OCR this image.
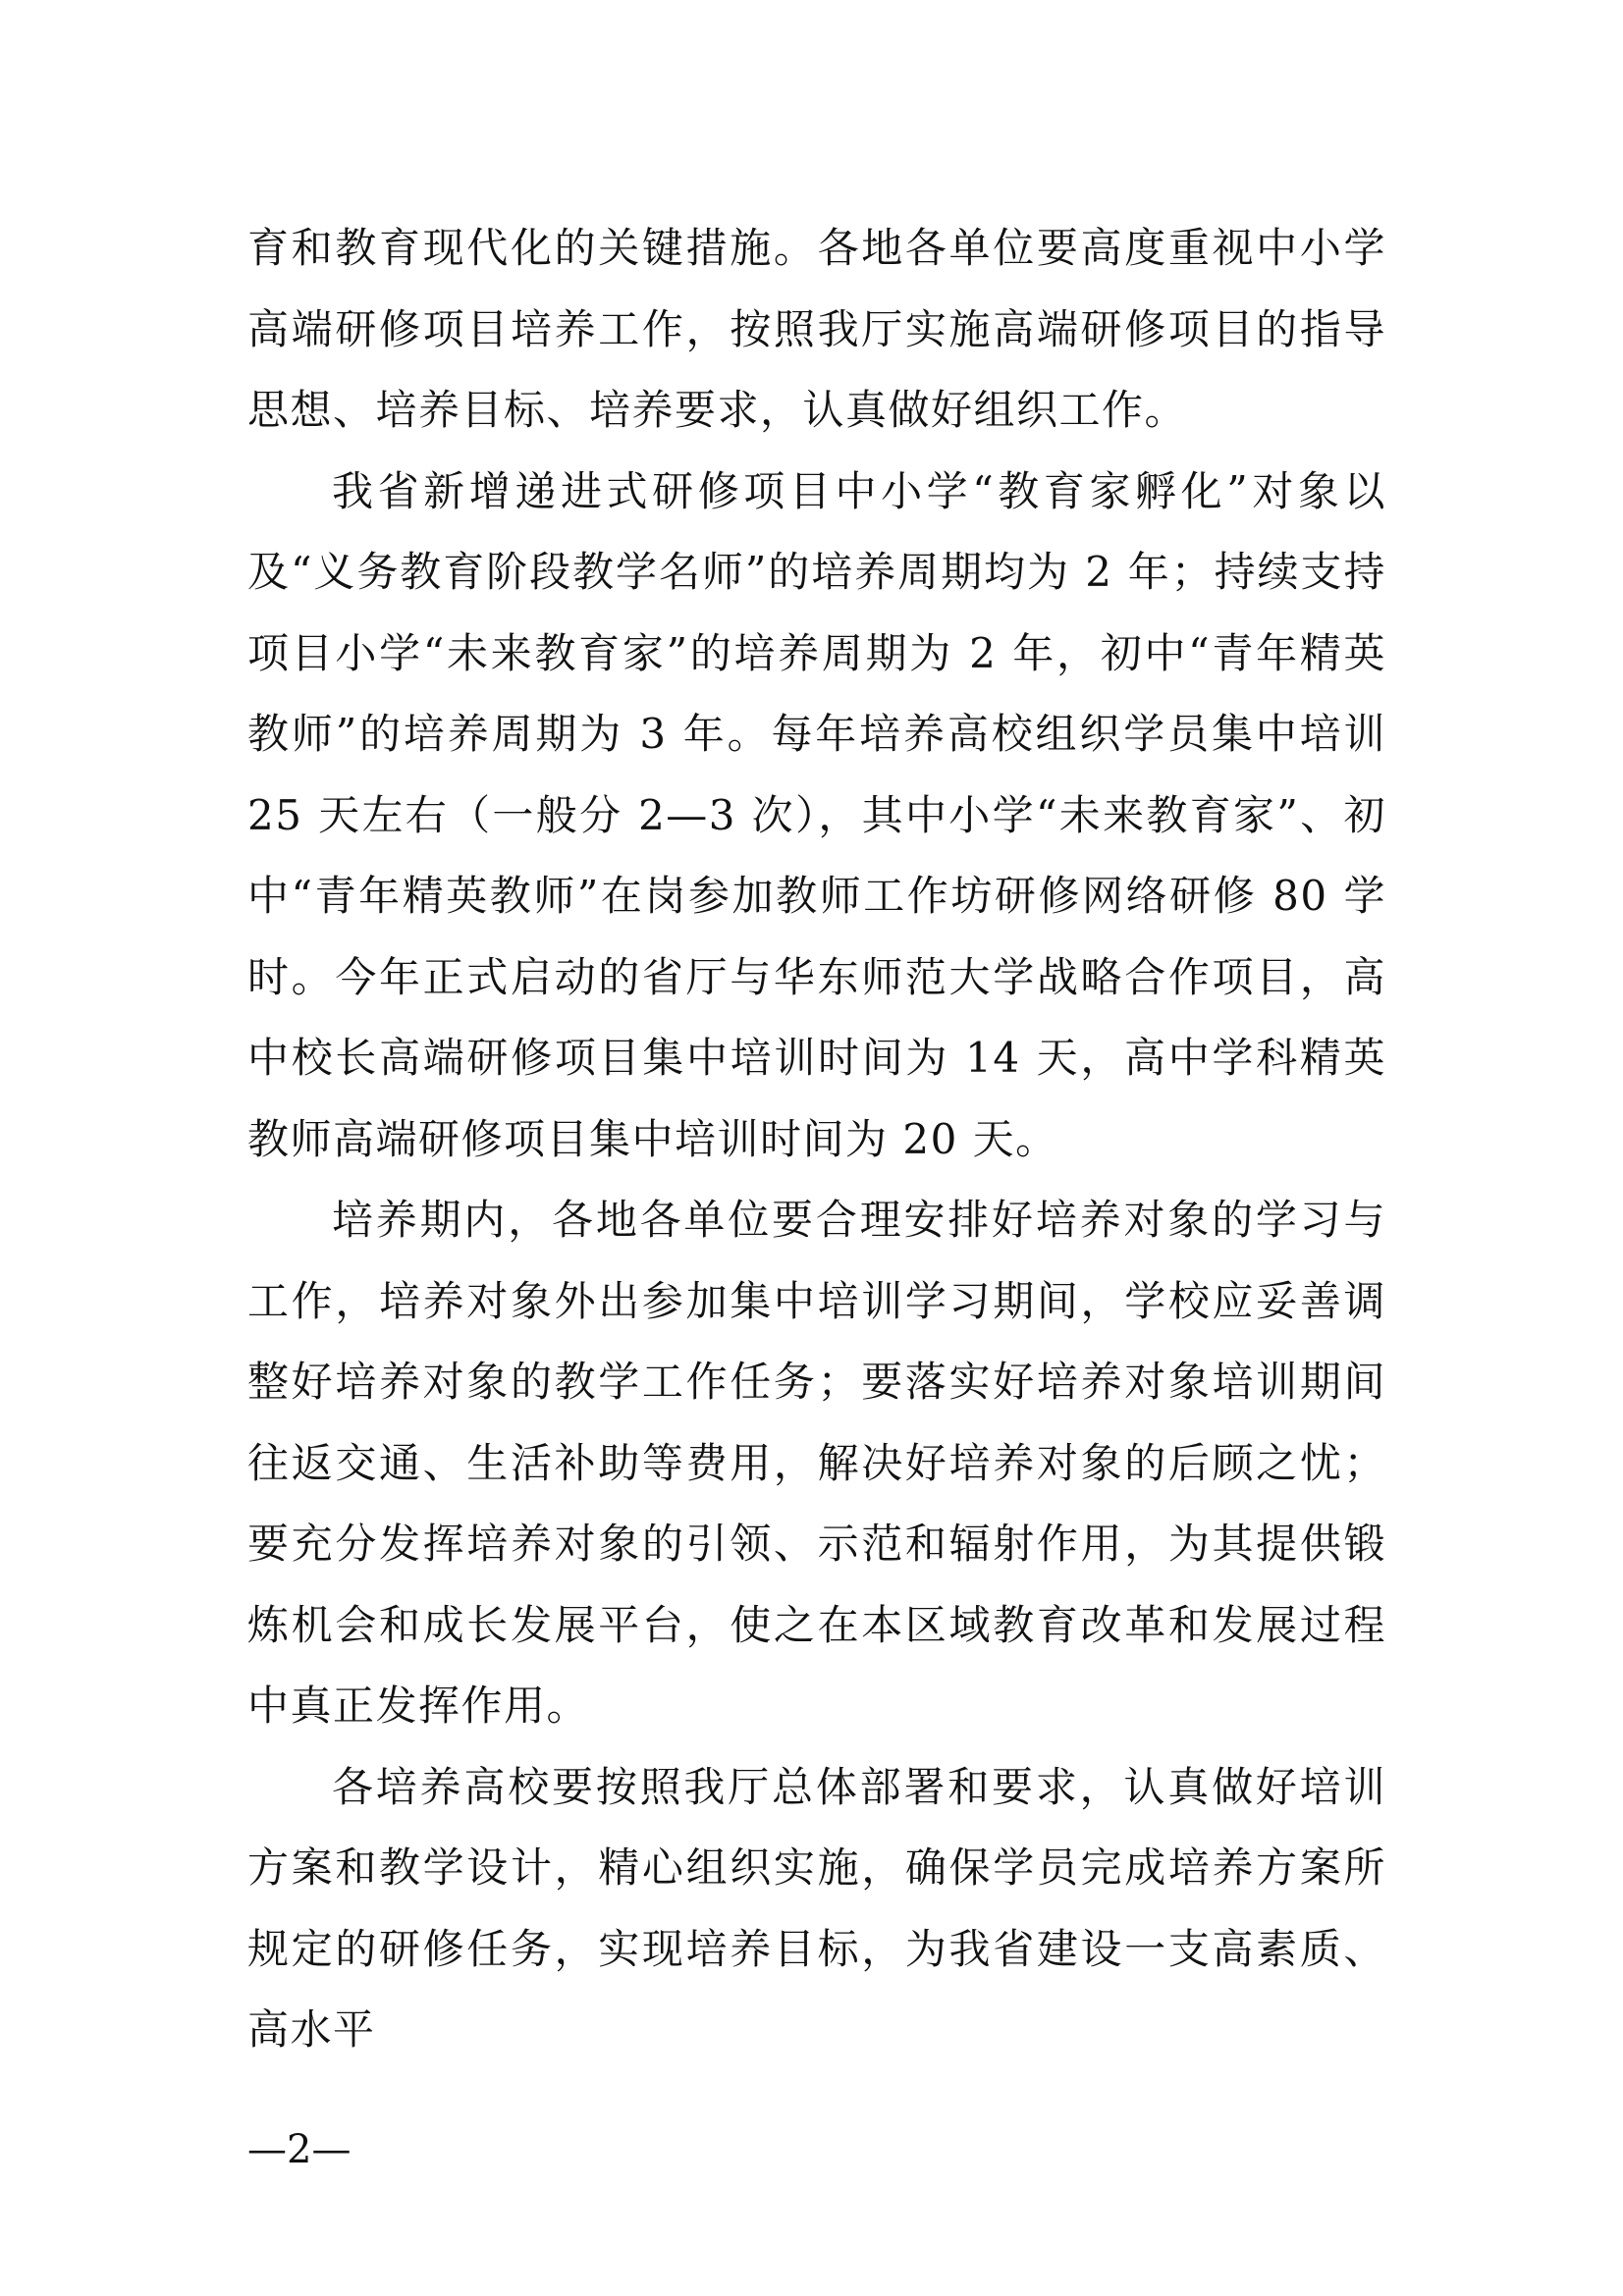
育和教育现代化的关键措施。各地各单位要高度重视中小学高端研修项目培养工作，按照我厅实施高端研修项目的指导思想、培养目标、培养要求，认真做好组织工作。

我省新增递进式研修项目中小学“教育家孵化”对象以及“义务教育阶段教学名师”的培养周期均为 2 年；持续支持项目小学“未来教育家”的培养周期为 2 年，初中“青年精英教师”的培养周期为 3 年。每年培养高校组织学员集中培训 25 天左右（一般分 2—3 次），其中小学“未来教育家”、初中“青年精英教师”在岗参加教师工作坊研修网络研修 80 学时。今年正式启动的省厅与华东师范大学战略合作项目，高中校长高端研修项目集中培训时间为 14 天，高中学科精英教师高端研修项目集中培训时间为 20 天。

培养期内，各地各单位要合理安排好培养对象的学习与工作，培养对象外出参加集中培训学习期间，学校应妥善调整好培养对象的教学工作任务；要落实好培养对象培训期间往返交通、生活补助等费用，解决好培养对象的后顾之忧；要充分发挥培养对象的引领、示范和辐射作用，为其提供锻炼机会和成长发展平台，使之在本区域教育改革和发展过程中真正发挥作用。

各培养高校要按照我厅总体部署和要求，认真做好培训方案和教学设计，精心组织实施，确保学员完成培养方案所规定的研修任务，实现培养目标，为我省建设一支高素质、高水平

—2—
